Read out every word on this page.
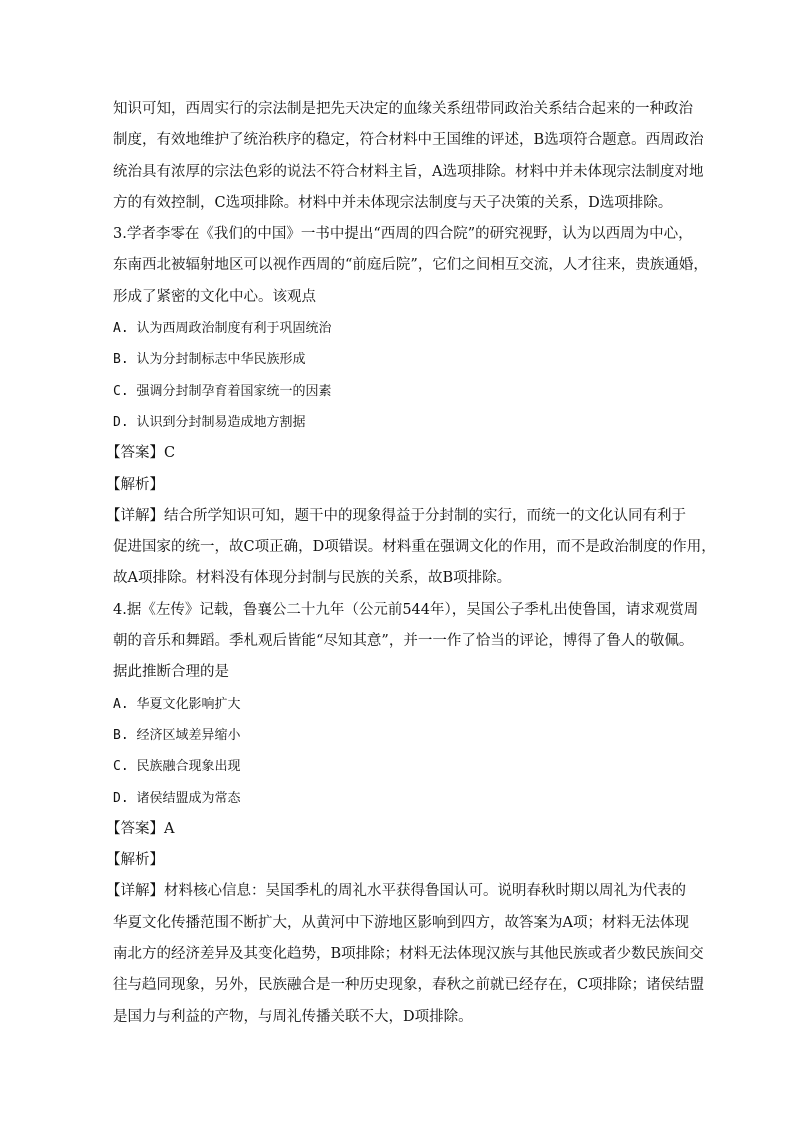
知识可知，西周实行的宗法制是把先天决定的血缘关系纽带同政治关系结合起来的一种政治
制度，有效地维护了统治秩序的稳定，符合材料中王国维的评述，B选项符合题意。西周政治
统治具有浓厚的宗法色彩的说法不符合材料主旨，A选项排除。材料中并未体现宗法制度对地
方的有效控制，C选项排除。材料中并未体现宗法制度与天子决策的关系，D选项排除。
3.学者李零在《我们的中国》一书中提出“西周的四合院”的研究视野，认为以西周为中心，
东南西北被辐射地区可以视作西周的“前庭后院”，它们之间相互交流，人才往来，贵族通婚，
形成了紧密的文化中心。该观点
A. 认为西周政治制度有利于巩固统治
B. 认为分封制标志中华民族形成
C. 强调分封制孕育着国家统一的因素
D. 认识到分封制易造成地方割据
【答案】C
【解析】
【详解】结合所学知识可知，题干中的现象得益于分封制的实行，而统一的文化认同有利于
促进国家的统一，故C项正确，D项错误。材料重在强调文化的作用，而不是政治制度的作用，
故A项排除。材料没有体现分封制与民族的关系，故B项排除。
4.据《左传》记载，鲁襄公二十九年（公元前544年），吴国公子季札出使鲁国，请求观赏周
朝的音乐和舞蹈。季札观后皆能“尽知其意”，并一一作了恰当的评论，博得了鲁人的敬佩。
据此推断合理的是
A. 华夏文化影响扩大
B. 经济区域差异缩小
C. 民族融合现象出现
D. 诸侯结盟成为常态
【答案】A
【解析】
【详解】材料核心信息：吴国季札的周礼水平获得鲁国认可。说明春秋时期以周礼为代表的
华夏文化传播范围不断扩大，从黄河中下游地区影响到四方，故答案为A项；材料无法体现
南北方的经济差异及其变化趋势，B项排除；材料无法体现汉族与其他民族或者少数民族间交
往与趋同现象，另外，民族融合是一种历史现象，春秋之前就已经存在，C项排除；诸侯结盟
是国力与利益的产物，与周礼传播关联不大，D项排除。
